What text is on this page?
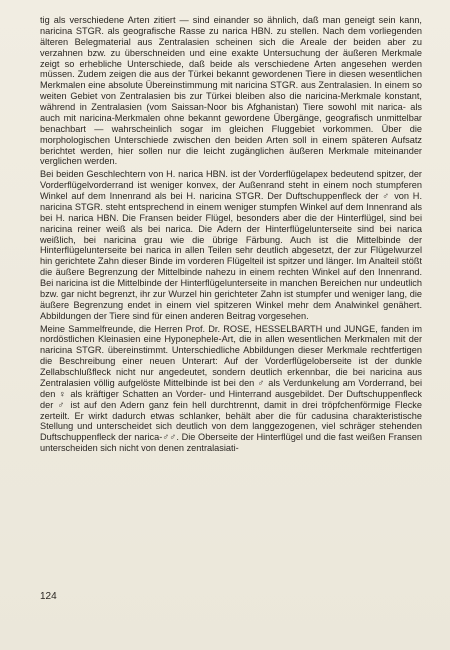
tig als verschiedene Arten zitiert — sind einander so ähnlich, daß man geneigt sein kann, naricina STGR. als geografische Rasse zu narica HBN. zu stellen. Nach dem vorliegenden älteren Belegmaterial aus Zentralasien scheinen sich die Areale der beiden aber zu verzahnen bzw. zu überschneiden und eine exakte Untersuchung der äußeren Merkmale zeigt so erhebliche Unterschiede, daß beide als verschiedene Arten angesehen werden müssen. Zudem zeigen die aus der Türkei bekannt gewordenen Tiere in diesen wesentlichen Merkmalen eine absolute Übereinstimmung mit naricina STGR. aus Zentralasien. In einem so weiten Gebiet von Zentralasien bis zur Türkei bleiben also die naricina-Merkmale konstant, während in Zentralasien (vom Saissan-Noor bis Afghanistan) Tiere sowohl mit narica- als auch mit naricina-Merkmalen ohne bekannt gewordene Übergänge, geografisch unmittelbar benachbart — wahrscheinlich sogar im gleichen Fluggebiet vorkommen. Über die morphologischen Unterschiede zwischen den beiden Arten soll in einem späteren Aufsatz berichtet werden, hier sollen nur die leicht zugänglichen äußeren Merkmale miteinander verglichen werden.

Bei beiden Geschlechtern von H. narica HBN. ist der Vorderflügelapex bedeutend spitzer, der Vorderflügelvorderrand ist weniger konvex, der Außenrand steht in einem noch stumpferen Winkel auf dem Innenrand als bei H. naricina STGR. Der Duftschuppenfleck der ♂ von H. naricina STGR. steht entsprechend in einem weniger stumpfen Winkel auf dem Innenrand als bei H. narica HBN. Die Fransen beider Flügel, besonders aber die der Hinterflügel, sind bei naricina reiner weiß als bei narica. Die Adern der Hinterflügelunterseite sind bei narica weißlich, bei naricina grau wie die übrige Färbung. Auch ist die Mittelbinde der Hinterflügelunterseite bei narica in allen Teilen sehr deutlich abgesetzt, der zur Flügelwurzel hin gerichtete Zahn dieser Binde im vorderen Flügelteil ist spitzer und länger. Im Analteil stößt die äußere Begrenzung der Mittelbinde nahezu in einem rechten Winkel auf den Innenrand. Bei naricina ist die Mittelbinde der Hinterflügelunterseite in manchen Bereichen nur undeutlich bzw. gar nicht begrenzt, ihr zur Wurzel hin gerichteter Zahn ist stumpfer und weniger lang, die äußere Begrenzung endet in einem viel spitzeren Winkel mehr dem Analwinkel genähert. Abbildungen der Tiere sind für einen anderen Beitrag vorgesehen.

Meine Sammelfreunde, die Herren Prof. Dr. ROSE, HESSELBARTH und JUNGE, fanden im nordöstlichen Kleinasien eine Hyponephele-Art, die in allen wesentlichen Merkmalen mit der naricina STGR. übereinstimmt. Unterschiedliche Abbildungen dieser Merkmale rechtfertigen die Beschreibung einer neuen Unterart: Auf der Vorderflügeloberseite ist der dunkle Zellabschlußfleck nicht nur angedeutet, sondern deutlich erkennbar, die bei naricina aus Zentralasien völlig aufgelöste Mittelbinde ist bei den ♂ als Verdunkelung am Vorderrand, bei den ♀ als kräftiger Schatten an Vorder- und Hinterrand ausgebildet. Der Duftschuppenfleck der ♂ ist auf den Adern ganz fein hell durchtrennt, damit in drei tröpfchenförmige Flecke zerteilt. Er wirkt dadurch etwas schlanker, behält aber die für cadusina charakteristische Stellung und unterscheidet sich deutlich von dem langgezogenen, viel schräger stehenden Duftschuppenfleck der narica-♂♂. Die Oberseite der Hinterflügel und die fast weißen Fransen unterscheiden sich nicht von denen zentralasiati-

124
